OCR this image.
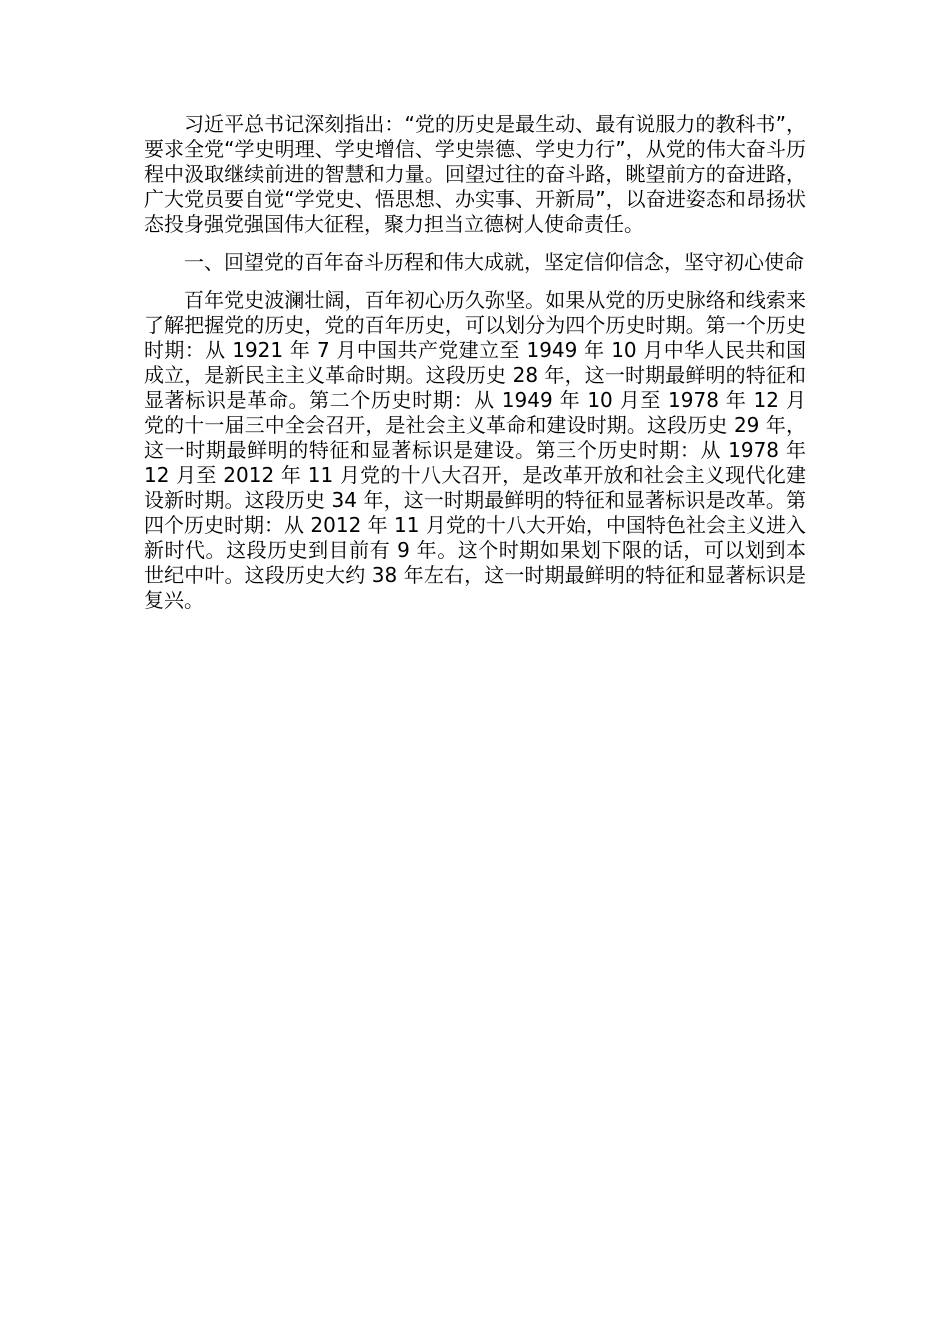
习近平总书记深刻指出：“党的历史是最生动、最有说服力的教科书”，要求全党“学史明理、学史增信、学史崇德、学史力行”，从党的伟大奋斗历程中汲取继续前进的智慧和力量。回望过往的奋斗路，眺望前方的奋进路，广大党员要自觉“学党史、悟思想、办实事、开新局”，以奋进姿态和昂扬状态投身强党强国伟大征程，聚力担当立德树人使命责任。

一、回望党的百年奋斗历程和伟大成就，坚定信仰信念，坚守初心使命

百年党史波澜壮阔，百年初心历久弥坚。如果从党的历史脉络和线索来了解把握党的历史，党的百年历史，可以划分为四个历史时期。第一个历史时期：从 1921 年 7 月中国共产党建立至 1949 年 10 月中华人民共和国成立，是新民主主义革命时期。这段历史 28 年，这一时期最鲜明的特征和显著标识是革命。第二个历史时期：从 1949 年 10 月至 1978 年 12 月党的十一届三中全会召开，是社会主义革命和建设时期。这段历史 29 年，这一时期最鲜明的特征和显著标识是建设。第三个历史时期：从 1978 年 12 月至 2012 年 11 月党的十八大召开，是改革开放和社会主义现代化建设新时期。这段历史 34 年，这一时期最鲜明的特征和显著标识是改革。第四个历史时期：从 2012 年 11 月党的十八大开始，中国特色社会主义进入新时代。这段历史到目前有 9 年。这个时期如果划下限的话，可以划到本世纪中叶。这段历史大约 38 年左右，这一时期最鲜明的特征和显著标识是复兴。
